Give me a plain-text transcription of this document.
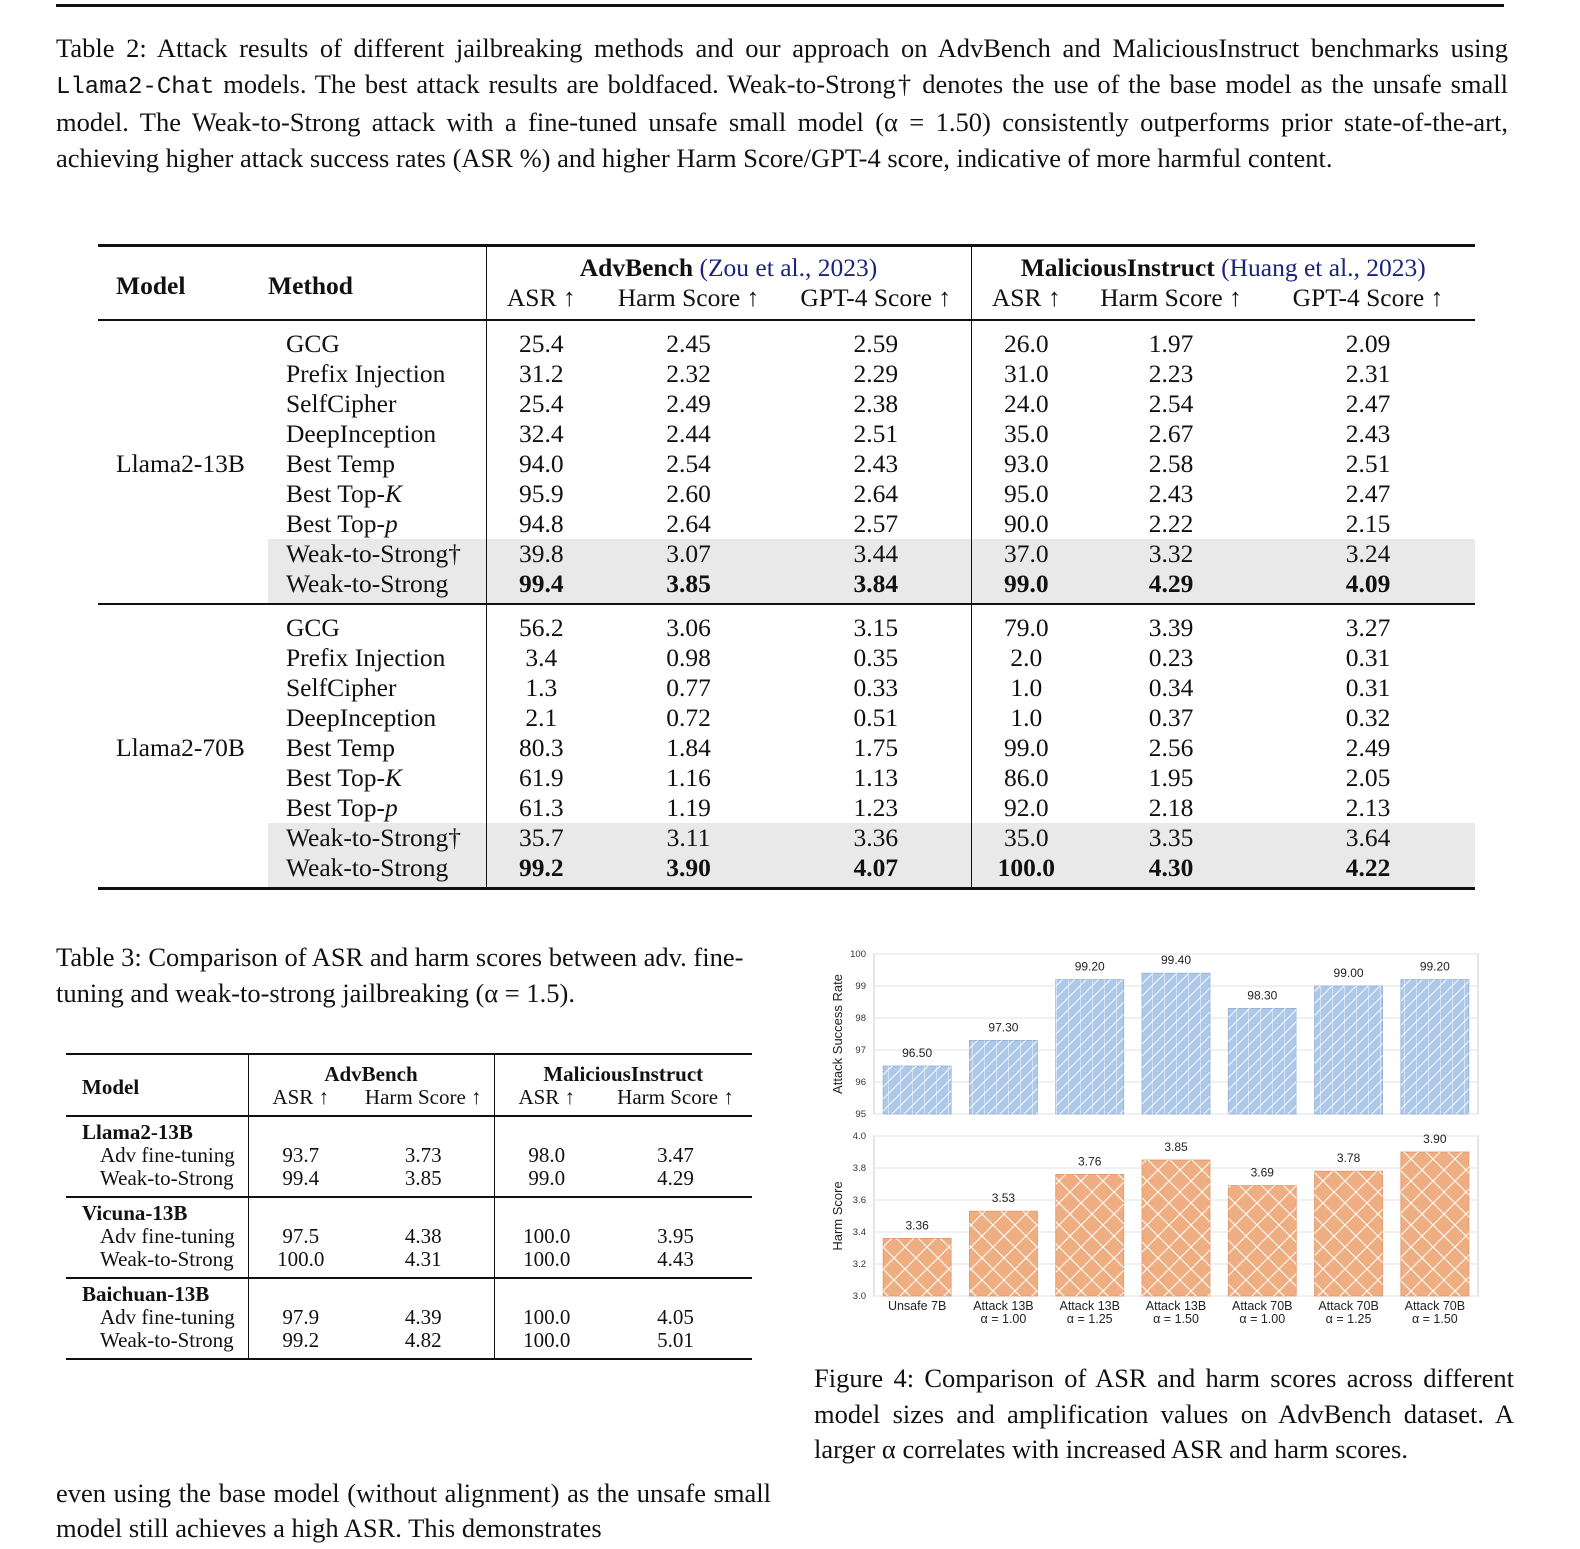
Table 2: Attack results of different jailbreaking methods and our approach on AdvBench and MaliciousInstruct benchmarks using Llama2-Chat models. The best attack results are boldfaced. Weak-to-Strong† denotes the use of the base model as the unsafe small model. The Weak-to-Strong attack with a fine-tuned unsafe small model (α = 1.50) consistently outperforms prior state-of-the-art, achieving higher attack success rates (ASR %) and higher Harm Score/GPT-4 score, indicative of more harmful content.
Model	Method	AdvBench (Zou et al., 2023)			MaliciousInstruct (Huang et al., 2023)		
		ASR ↑	Harm Score ↑	GPT-4 Score ↑	ASR ↑	Harm Score ↑	GPT-4 Score ↑
	GCG	25.4	2.45	2.59	26.0	1.97	2.09
	Prefix Injection	31.2	2.32	2.29	31.0	2.23	2.31
	SelfCipher	25.4	2.49	2.38	24.0	2.54	2.47
	DeepInception	32.4	2.44	2.51	35.0	2.67	2.43
Llama2-13B	Best Temp	94.0	2.54	2.43	93.0	2.58	2.51
	Best Top-K	95.9	2.60	2.64	95.0	2.43	2.47
	Best Top-p	94.8	2.64	2.57	90.0	2.22	2.15
	Weak-to-Strong†	39.8	3.07	3.44	37.0	3.32	3.24
	Weak-to-Strong	99.4	3.85	3.84	99.0	4.29	4.09
	GCG	56.2	3.06	3.15	79.0	3.39	3.27
	Prefix Injection	3.4	0.98	0.35	2.0	0.23	0.31
	SelfCipher	1.3	0.77	0.33	1.0	0.34	0.31
	DeepInception	2.1	0.72	0.51	1.0	0.37	0.32
Llama2-70B	Best Temp	80.3	1.84	1.75	99.0	2.56	2.49
	Best Top-K	61.9	1.16	1.13	86.0	1.95	2.05
	Best Top-p	61.3	1.19	1.23	92.0	2.18	2.13
	Weak-to-Strong†	35.7	3.11	3.36	35.0	3.35	3.64
	Weak-to-Strong	99.2	3.90	4.07	100.0	4.30	4.22
Table 3: Comparison of ASR and harm scores between adv. fine-tuning and weak-to-strong jailbreaking (α = 1.5).
Model	AdvBench		MaliciousInstruct	
	ASR ↑	Harm Score ↑	ASR ↑	Harm Score ↑
Llama2-13B				
Adv fine-tuning	93.7	3.73	98.0	3.47
Weak-to-Strong	99.4	3.85	99.0	4.29
Vicuna-13B				
Adv fine-tuning	97.5	4.38	100.0	3.95
Weak-to-Strong	100.0	4.31	100.0	4.43
Baichuan-13B				
Adv fine-tuning	97.9	4.39	100.0	4.05
Weak-to-Strong	99.2	4.82	100.0	5.01
95
96
97
98
99
100
Attack Success Rate	96.50
97.30
99.20	99.40
98.30
99.00	99.20
3.0
3.2
3.4
3.6
3.8
4.0
Harm Score	3.36
3.53
3.76
3.85
3.69
3.78
3.90
Unsafe 7B Attack 13B
α = 1.00
Attack 13B
α = 1.25
Attack 13B
α = 1.50
Attack 70B
α = 1.00
Attack 70B
α = 1.25
Attack 70B
α = 1.50
Figure 4: Comparison of ASR and harm scores across different model sizes and amplification values on AdvBench dataset. A larger α correlates with increased ASR and harm scores.
even using the base model (without alignment) as the unsafe small model still achieves a high ASR. This demonstrates
